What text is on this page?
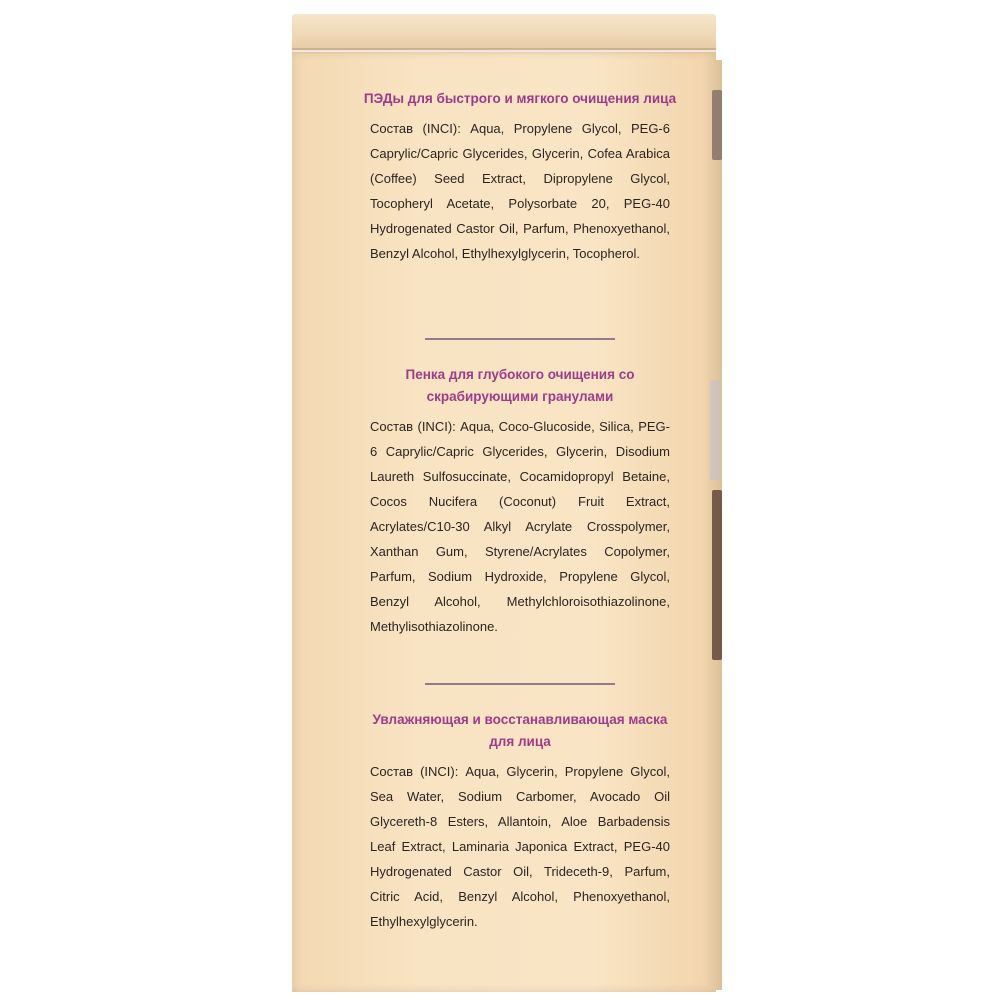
ПЭДы для быстрого и мягкого очищения лица
Состав (INCI): Aqua, Propylene Glycol, PEG-6 Caprylic/Capric Glycerides, Glycerin, Cofea Arabica (Coffee) Seed Extract, Dipropylene Glycol, Tocopheryl Acetate, Polysorbate 20, PEG-40 Hydrogenated Castor Oil, Parfum, Phenoxyethanol, Benzyl Alcohol, Ethylhexylglycerin, Tocopherol.
Пенка для глубокого очищения со скрабирующими гранулами
Состав (INCI): Aqua, Coco-Glucoside, Silica, PEG-6 Caprylic/Capric Glycerides, Glycerin, Disodium Laureth Sulfosuccinate, Cocamidopropyl Betaine, Cocos Nucifera (Coconut) Fruit Extract, Acrylates/C10-30 Alkyl Acrylate Crosspolymer, Xanthan Gum, Styrene/Acrylates Copolymer, Parfum, Sodium Hydroxide, Propylene Glycol, Benzyl Alcohol, Methylchloroisothiazolinone, Methylisothiazolinone.
Увлажняющая и восстанавливающая маска для лица
Состав (INCI): Aqua, Glycerin, Propylene Glycol, Sea Water, Sodium Carbomer, Avocado Oil Glycereth-8 Esters, Allantoin, Aloe Barbadensis Leaf Extract, Laminaria Japonica Extract, PEG-40 Hydrogenated Castor Oil, Trideceth-9, Parfum, Citric Acid, Benzyl Alcohol, Phenoxyethanol, Ethylhexylglycerin.
